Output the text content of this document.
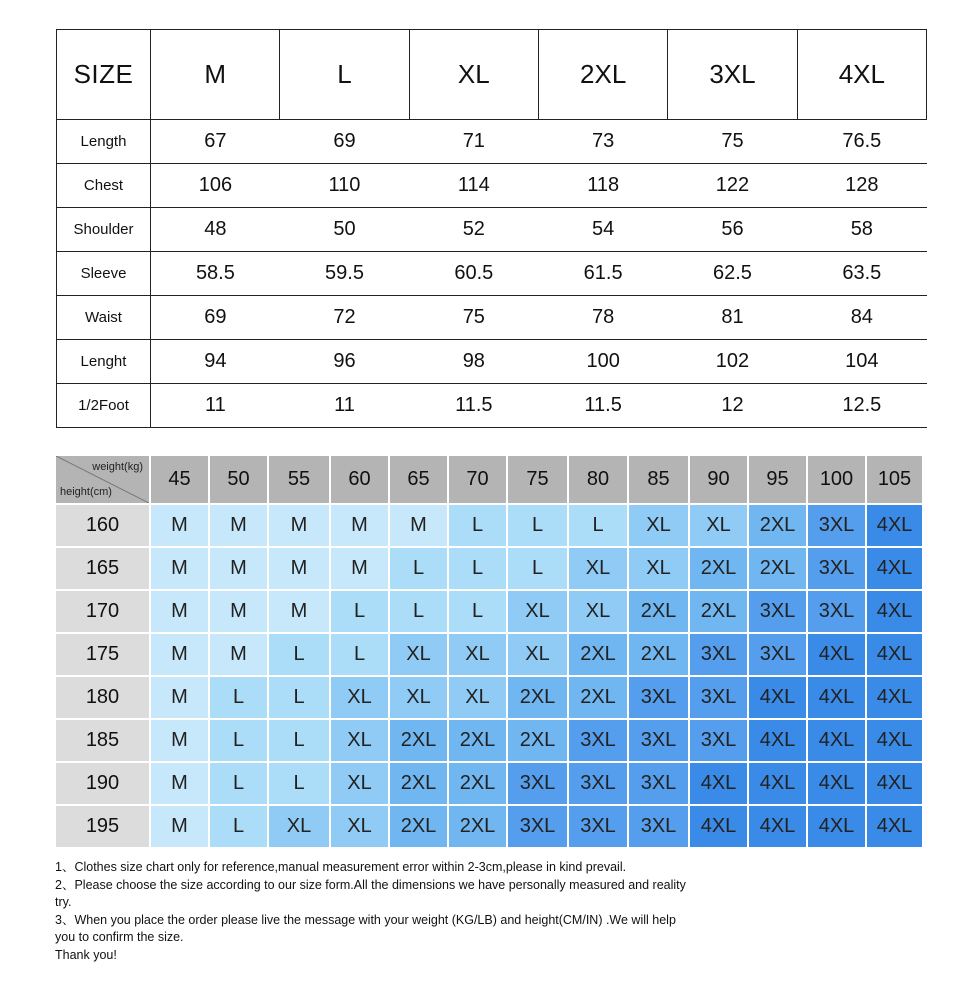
SIZE	M	L	XL	2XL	3XL	4XL
Length	67	69	71	73	75	76.5
Chest	106	110	114	118	122	128
Shoulder	48	50	52	54	56	58
Sleeve	58.5	59.5	60.5	61.5	62.5	63.5
Waist	69	72	75	78	81	84
Lenght	94	96	98	100	102	104
1/2Foot	11	11	11.5	11.5	12	12.5
weight(kg)
height(cm)
45	50	55	60	65	70	75	80	85	90	95	100	105
160	M	M	M	M	M	L	L	L	XL	XL	2XL	3XL	4XL
165	M	M	M	M	L	L	L	XL	XL	2XL	2XL	3XL	4XL
170	M	M	M	L	L	L	XL	XL	2XL	2XL	3XL	3XL	4XL
175	M	M	L	L	XL	XL	XL	2XL	2XL	3XL	3XL	4XL	4XL
180	M	L	L	XL	XL	XL	2XL	2XL	3XL	3XL	4XL	4XL	4XL
185	M	L	L	XL	2XL	2XL	2XL	3XL	3XL	3XL	4XL	4XL	4XL
190	M	L	L	XL	2XL	2XL	3XL	3XL	3XL	4XL	4XL	4XL	4XL
195	M	L	XL	XL	2XL	2XL	3XL	3XL	3XL	4XL	4XL	4XL	4XL

1、Clothes size chart only for reference,manual measurement error within 2-3cm,please in kind prevail.

2、Please choose the size according to our size form.All the dimensions we have personally measured and reality try.

3、When you place the order please live the message with your weight (KG/LB) and height(CM/IN) .We will help you to confirm the size.

Thank you!
